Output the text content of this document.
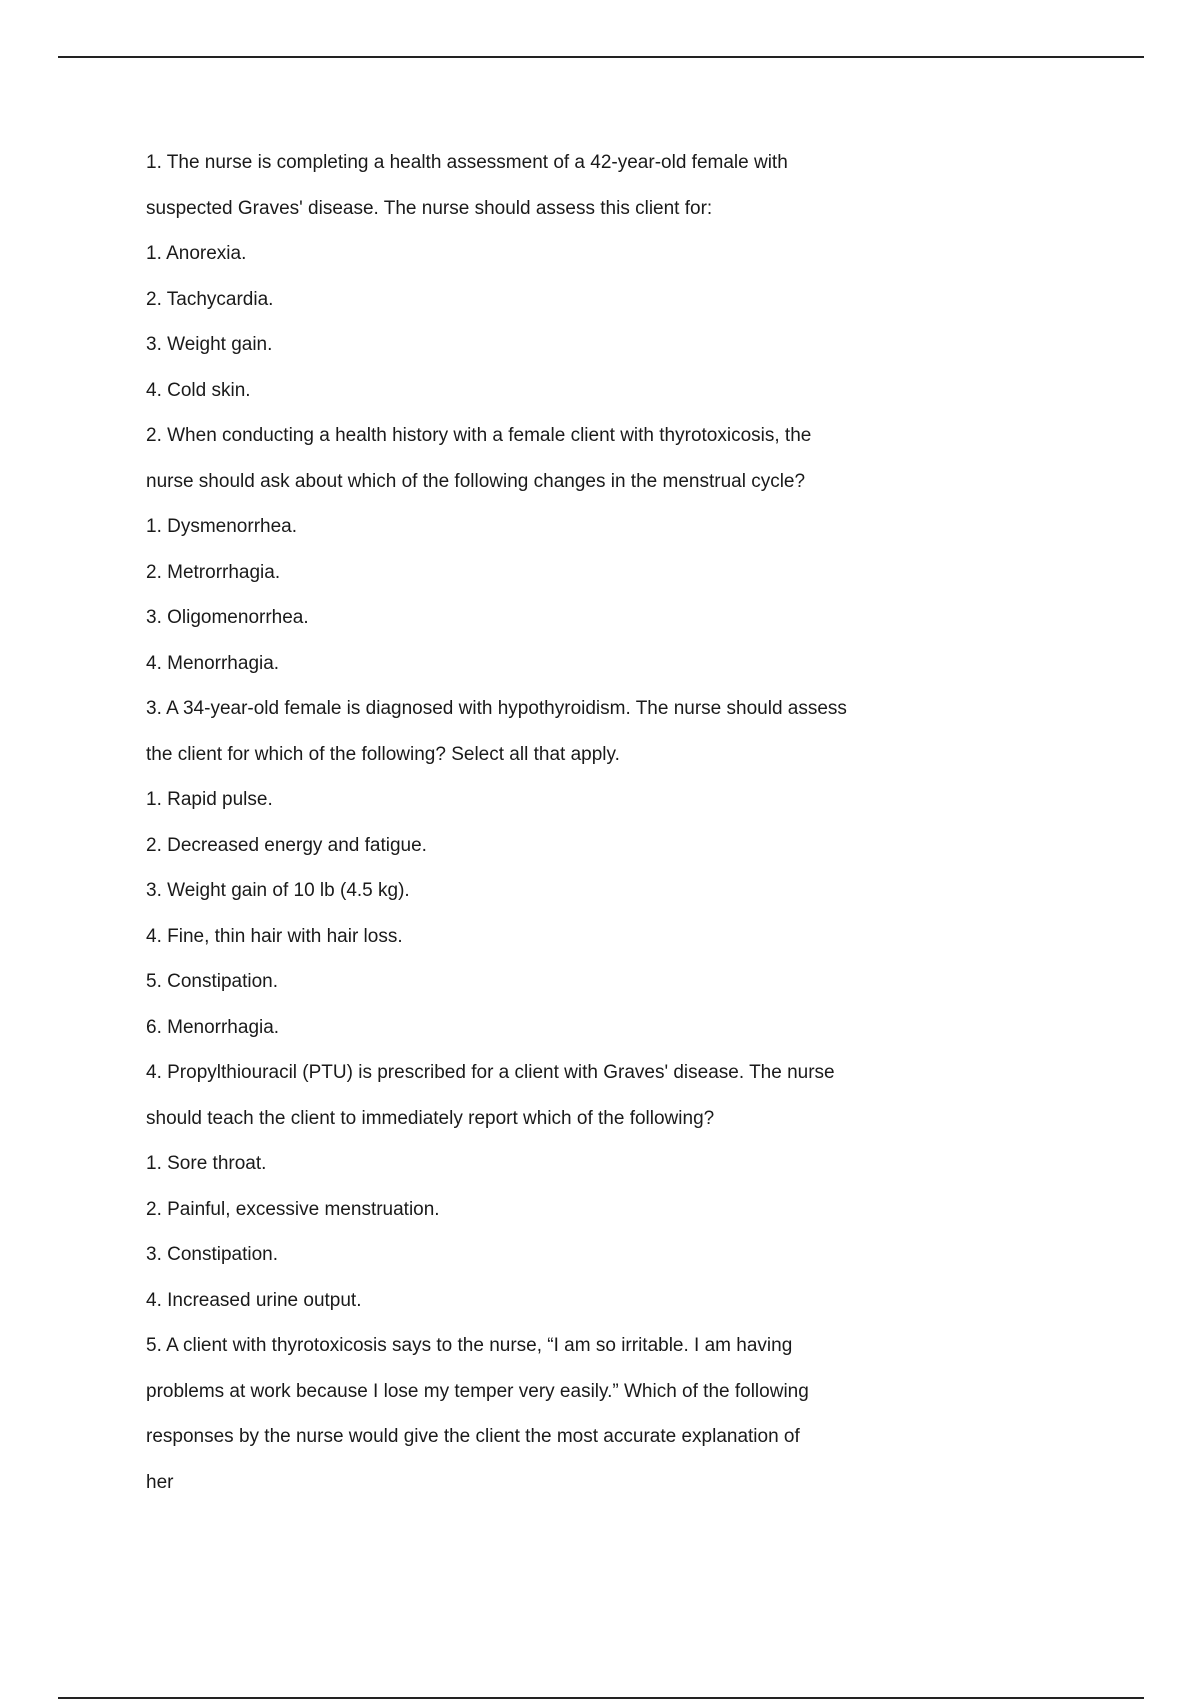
1. The nurse is completing a health assessment of a 42-year-old female with
suspected Graves' disease. The nurse should assess this client for:
1. Anorexia.
2. Tachycardia.
3. Weight gain.
4. Cold skin.
2. When conducting a health history with a female client with thyrotoxicosis, the
nurse should ask about which of the following changes in the menstrual cycle?
1. Dysmenorrhea.
2. Metrorrhagia.
3. Oligomenorrhea.
4. Menorrhagia.
3. A 34-year-old female is diagnosed with hypothyroidism. The nurse should assess
the client for which of the following? Select all that apply.
1. Rapid pulse.
2. Decreased energy and fatigue.
3. Weight gain of 10 lb (4.5 kg).
4. Fine, thin hair with hair loss.
5. Constipation.
6. Menorrhagia.
4. Propylthiouracil (PTU) is prescribed for a client with Graves' disease. The nurse
should teach the client to immediately report which of the following?
1. Sore throat.
2. Painful, excessive menstruation.
3. Constipation.
4. Increased urine output.
5. A client with thyrotoxicosis says to the nurse, “I am so irritable. I am having
problems at work because I lose my temper very easily.” Which of the following
responses by the nurse would give the client the most accurate explanation of
her
